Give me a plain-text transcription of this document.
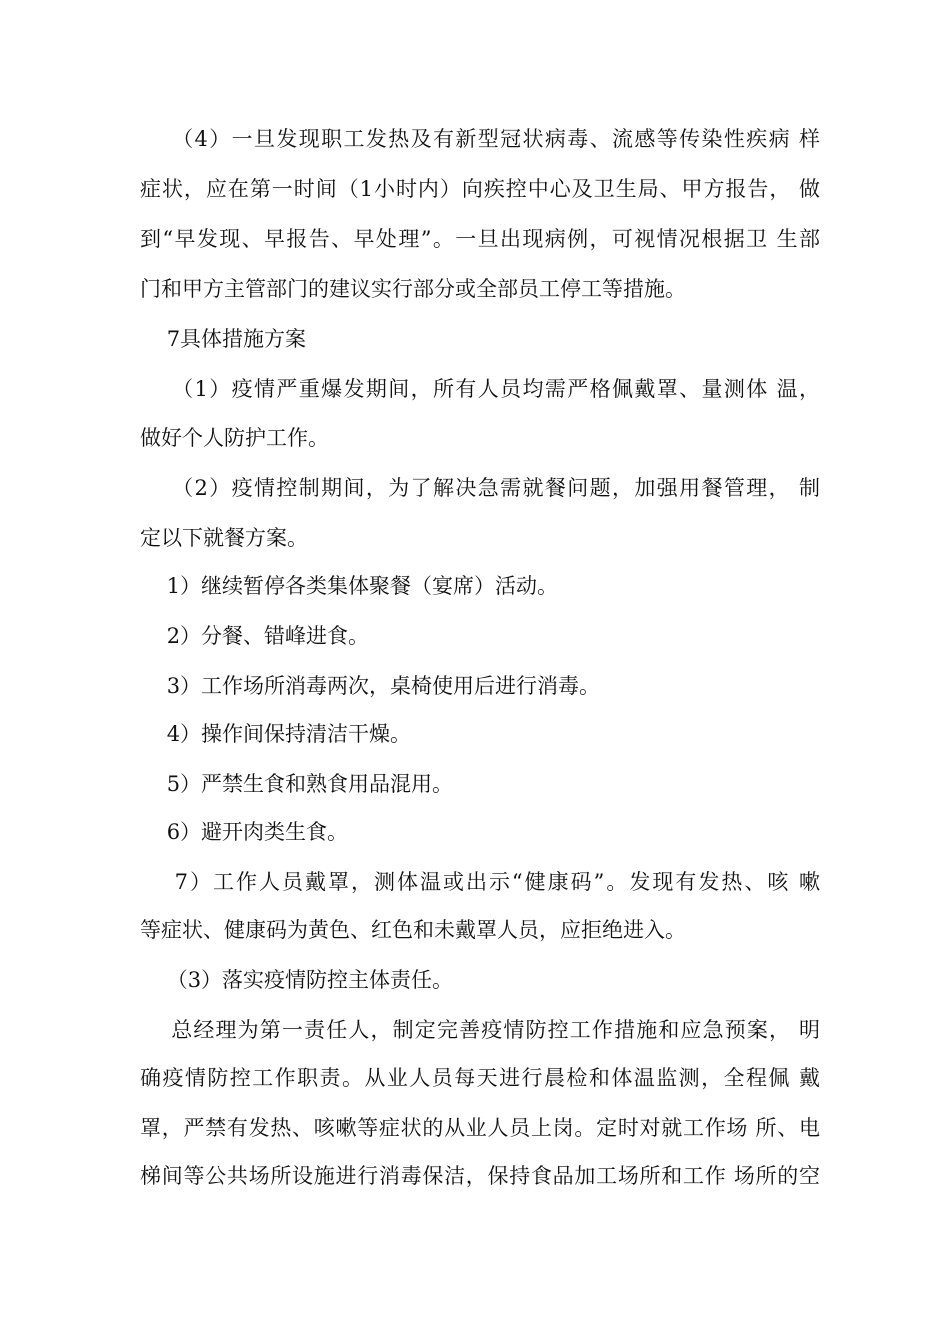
（4）一旦发现职工发热及有新型冠状病毒、流感等传染性疾病 样
症状，应在第一时间（1小时内）向疾控中心及卫生局、甲方报告， 做
到“早发现、早报告、早处理”。一旦出现病例，可视情况根据卫 生部
门和甲方主管部门的建议实行部分或全部员工停工等措施。
7具体措施方案
（1）疫情严重爆发期间，所有人员均需严格佩戴罩、量测体 温，
做好个人防护工作。
（2）疫情控制期间，为了解决急需就餐问题，加强用餐管理， 制
定以下就餐方案。
1）继续暂停各类集体聚餐（宴席）活动。
2）分餐、错峰进食。
3）工作场所消毒两次，桌椅使用后进行消毒。
4）操作间保持清洁干燥。
5）严禁生食和熟食用品混用。
6）避开肉类生食。
7）工作人员戴罩，测体温或出示“健康码”。发现有发热、咳 嗽
等症状、健康码为黄色、红色和未戴罩人员，应拒绝进入。
（3）落实疫情防控主体责任。
总经理为第一责任人，制定完善疫情防控工作措施和应急预案， 明
确疫情防控工作职责。从业人员每天进行晨检和体温监测，全程佩 戴
罩，严禁有发热、咳嗽等症状的从业人员上岗。定时对就工作场 所、电
梯间等公共场所设施进行消毒保洁，保持食品加工场所和工作 场所的空
